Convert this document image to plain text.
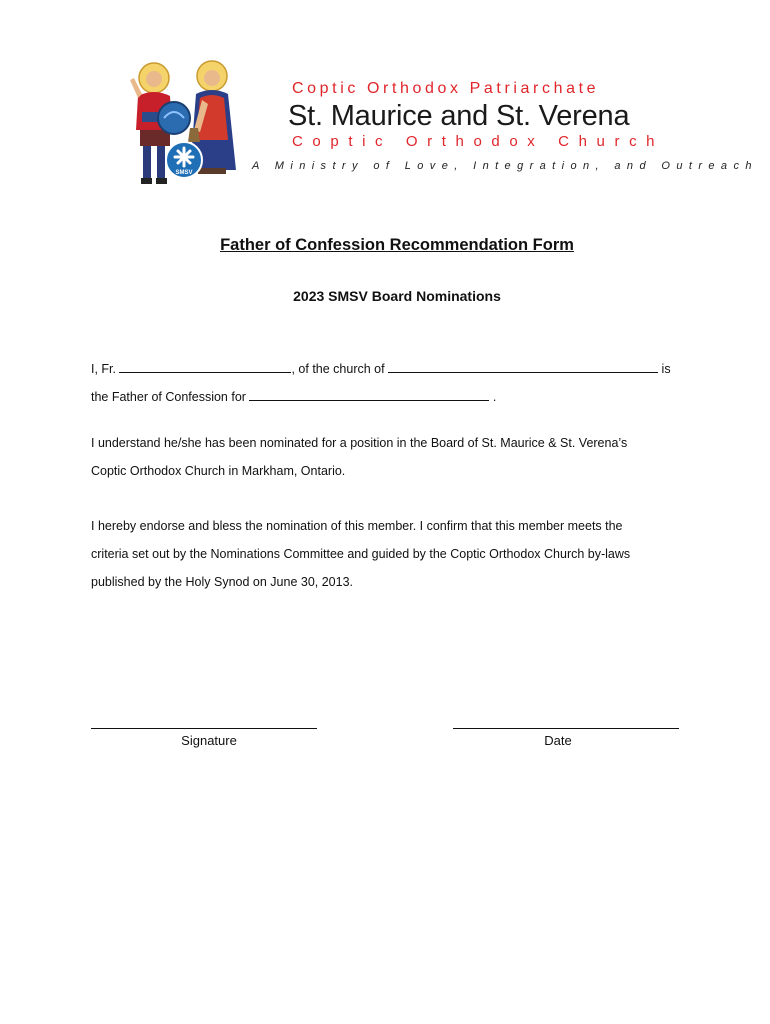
SMSV
Coptic Orthodox Patriarchate
St. Maurice and St. Verena
Coptic Orthodox Church
A Ministry of Love, Integration, and Outreach
Father of Confession Recommendation Form
2023 SMSV Board Nominations
I, Fr.	, of the church of	is
the Father of Confession for	.
I understand he/she has been nominated for a position in the Board of St. Maurice & St. Verena’s
Coptic Orthodox Church in Markham, Ontario.
I hereby endorse and bless the nomination of this member. I confirm that this member meets the
criteria set out by the Nominations Committee and guided by the Coptic Orthodox Church by-laws
published by the Holy Synod on June 30, 2013.
Signature	Date
